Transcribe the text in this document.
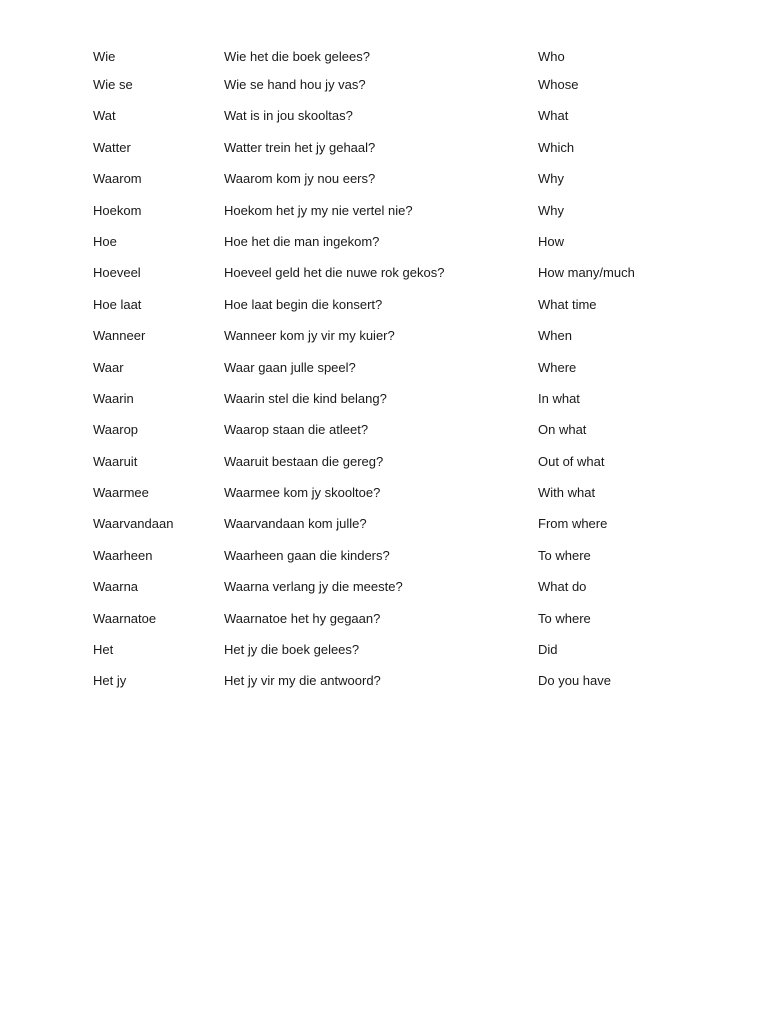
Wie	Wie het die boek gelees?	Who
Wie se	Wie se hand hou jy vas?	Whose
Wat	Wat is in jou skooltas?	What
Watter	Watter trein het jy gehaal?	Which
Waarom	Waarom kom jy nou eers?	Why
Hoekom	Hoekom het jy my nie vertel nie?	Why
Hoe	Hoe het die man ingekom?	How
Hoeveel	Hoeveel geld het die nuwe rok gekos?	How many/much
Hoe laat	Hoe laat begin die konsert?	What time
Wanneer	Wanneer kom jy vir my kuier?	When
Waar	Waar gaan julle speel?	Where
Waarin	Waarin stel die kind belang?	In what
Waarop	Waarop staan die atleet?	On what
Waaruit	Waaruit bestaan die gereg?	Out of what
Waarmee	Waarmee kom jy skooltoe?	With what
Waarvandaan	Waarvandaan kom julle?	From where
Waarheen	Waarheen gaan die kinders?	To where
Waarna	Waarna verlang jy die meeste?	What do
Waarnatoe	Waarnatoe het hy gegaan?	To where
Het	Het jy die boek gelees?	Did
Het jy	Het jy vir my die antwoord?	Do you have
